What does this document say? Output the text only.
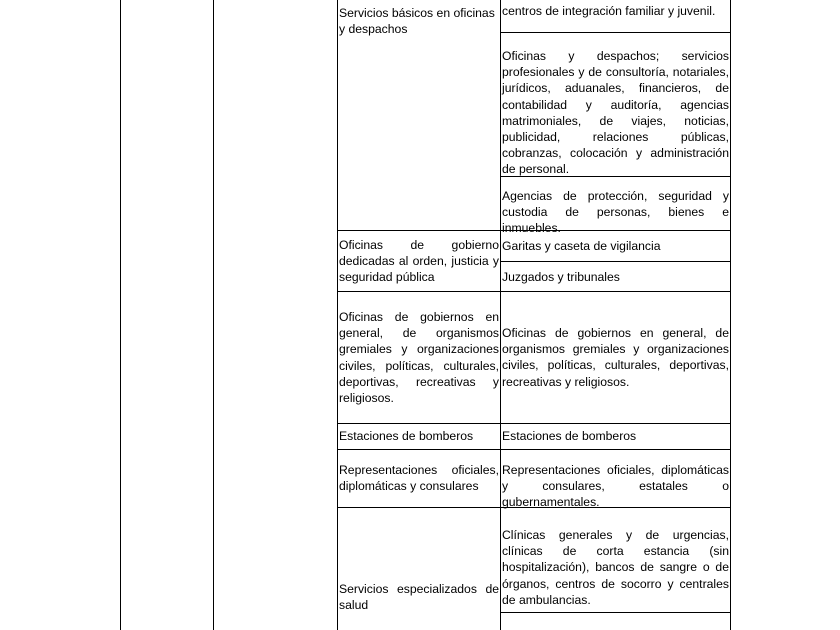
Servicios básicos en oficinas y despachos
centros de integración familiar y juvenil.
Oficinas y despachos; servicios profesionales y de consultoría, notariales, jurídicos, aduanales, financieros, de contabilidad y auditoría, agencias matrimoniales, de viajes, noticias, publicidad, relaciones públicas, cobranzas, colocación y administración de personal.
Agencias de protección, seguridad y custodia de personas, bienes e inmuebles.
Oficinas de gobierno dedicadas al orden, justicia y seguridad pública
Garitas y caseta de vigilancia
Juzgados y tribunales
Oficinas de gobiernos en general, de organismos gremiales y organizaciones civiles, políticas, culturales, deportivas, recreativas y religiosos.
Oficinas de gobiernos en general, de organismos gremiales y organizaciones civiles, políticas, culturales, deportivas, recreativas y religiosos.
Estaciones de bomberos	Estaciones de bomberos
Representaciones oficiales, diplomáticas y consulares
Representaciones oficiales, diplomáticas y consulares, estatales o gubernamentales.
Servicios especializados de salud
Clínicas generales y de urgencias, clínicas de corta estancia (sin hospitalización), bancos de sangre o de órganos, centros de socorro y centrales de ambulancias.
